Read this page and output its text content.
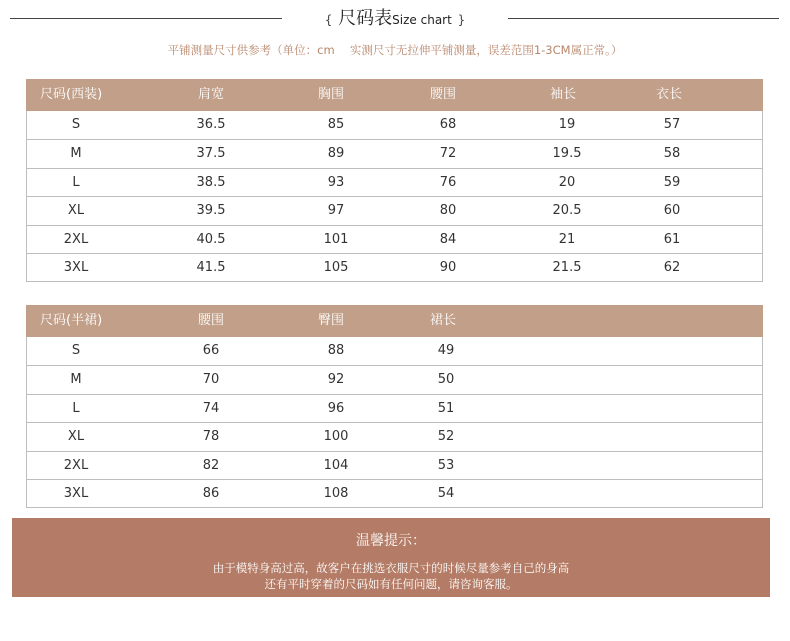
{ 尺码表Size chart }
平铺测量尺寸供参考（单位：cm　 实测尺寸无拉伸平铺测量，误差范围1-3CM属正常。）
尺码(西装)	肩宽	胸围	腰围	袖长	衣长
S	36.5	85	68	19	57
M	37.5	89	72	19.5	58
L	38.5	93	76	20	59
XL	39.5	97	80	20.5	60
2XL	40.5	101	84	21	61
3XL	41.5	105	90	21.5	62
尺码(半裙)	腰围	臀围	裙长
S	66	88	49
M	70	92	50
L	74	96	51
XL	78	100	52
2XL	82	104	53
3XL	86	108	54
温馨提示：
由于模特身高过高，故客户在挑选衣服尺寸的时候尽量参考自己的身高
还有平时穿着的尺码如有任何问题，请咨询客服。
